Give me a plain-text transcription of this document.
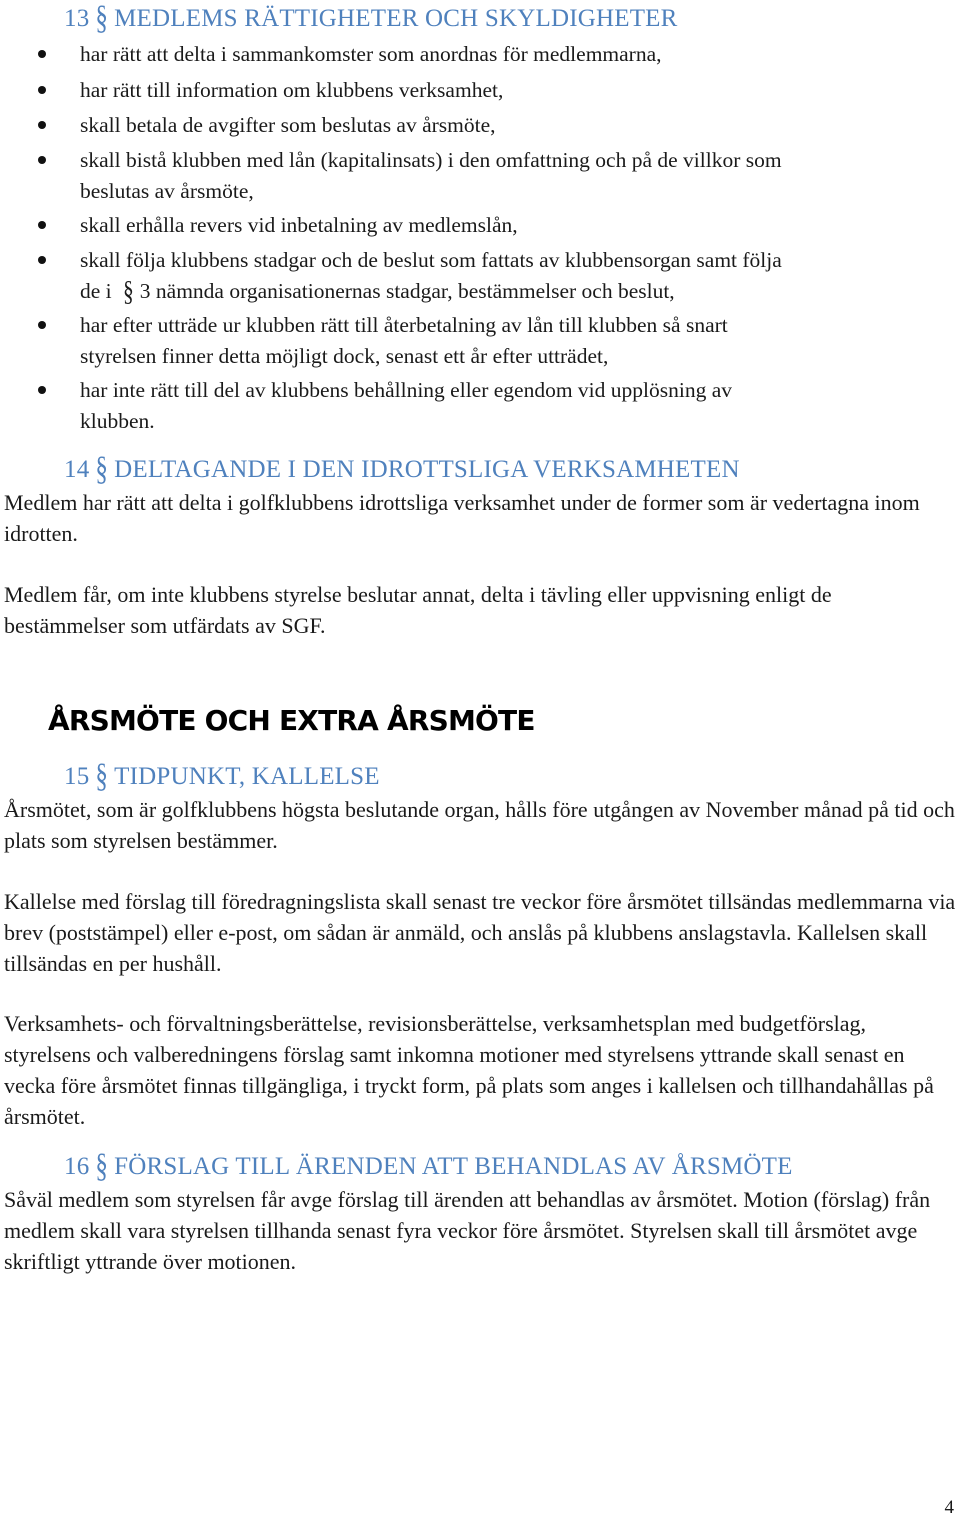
13 § MEDLEMS RÄTTIGHETER OCH SKYLDIGHETER
har rätt att delta i sammankomster som anordnas för medlemmarna,
har rätt till information om klubbens verksamhet,
skall betala de avgifter som beslutas av årsmöte,
skall bistå klubben med lån (kapitalinsats) i den omfattning och på de villkor som
beslutas av årsmöte,
skall erhålla revers vid inbetalning av medlemslån,
skall följa klubbens stadgar och de beslut som fattats av klubbensorgan samt följa
de i § 3 nämnda organisationernas stadgar, bestämmelser och beslut,
har efter utträde ur klubben rätt till återbetalning av lån till klubben så snart
styrelsen finner detta möjligt dock, senast ett år efter utträdet,
har inte rätt till del av klubbens behållning eller egendom vid upplösning av
klubben.
14 § DELTAGANDE I DEN IDROTTSLIGA VERKSAMHETEN

Medlem har rätt att delta i golfklubbens idrottsliga verksamhet under de former som är vedertagna inom idrotten.

Medlem får, om inte klubbens styrelse beslutar annat, delta i tävling eller uppvisning enligt de bestämmelser som utfärdats av SGF.

ÅRSMÖTE OCH EXTRA ÅRSMÖTE
15 § TIDPUNKT, KALLELSE

Årsmötet, som är golfklubbens högsta beslutande organ, hålls före utgången av November månad på tid och plats som styrelsen bestämmer.

Kallelse med förslag till föredragningslista skall senast tre veckor före årsmötet tillsändas medlemmarna via brev (poststämpel) eller e-post, om sådan är anmäld, och anslås på klubbens anslagstavla. Kallelsen skall tillsändas en per hushåll.

Verksamhets- och förvaltningsberättelse, revisionsberättelse, verksamhetsplan med budgetförslag, styrelsens och valberedningens förslag samt inkomna motioner med styrelsens yttrande skall senast en vecka före årsmötet finnas tillgängliga, i tryckt form, på plats som anges i kallelsen och tillhandahållas på årsmötet.

16 § FÖRSLAG TILL ÄRENDEN ATT BEHANDLAS AV ÅRSMÖTE

Såväl medlem som styrelsen får avge förslag till ärenden att behandlas av årsmötet. Motion (förslag) från medlem skall vara styrelsen tillhanda senast fyra veckor före årsmötet. Styrelsen skall till årsmötet avge skriftligt yttrande över motionen.

4
